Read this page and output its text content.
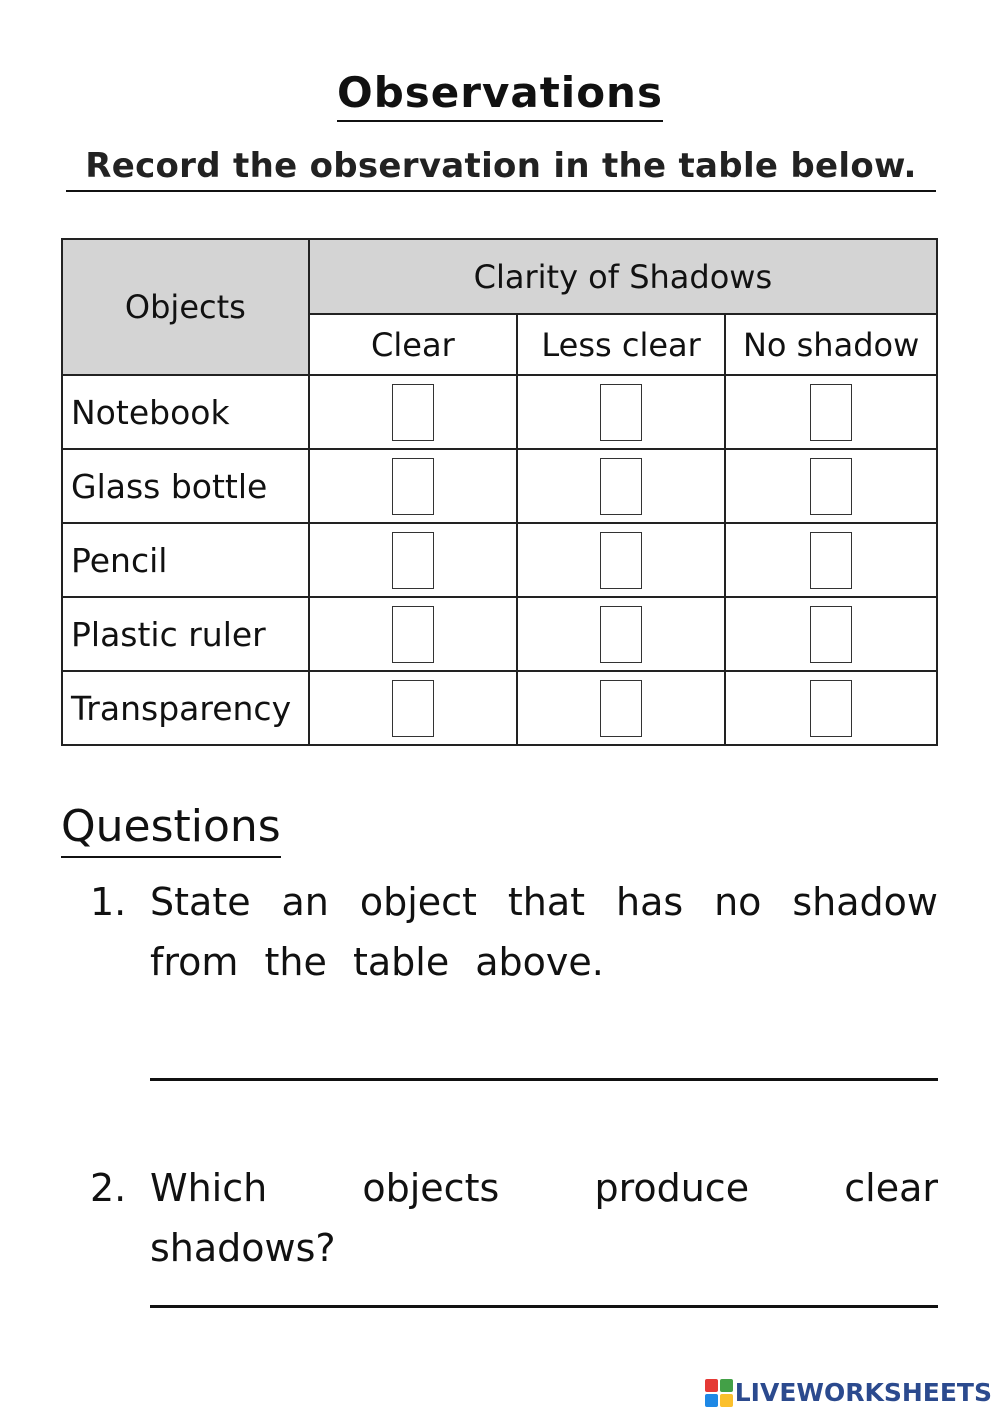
Observations
Record the observation in the table below.
Objects	Clarity of Shadows		
	Clear	Less clear	No shadow
Notebook			
Glass bottle			
Pencil			
Plastic ruler			
Transparency			
Questions
1. State an object that has no shadow from the table above.
2. Which objects produce clear shadows?
LIVEWORKSHEETS
